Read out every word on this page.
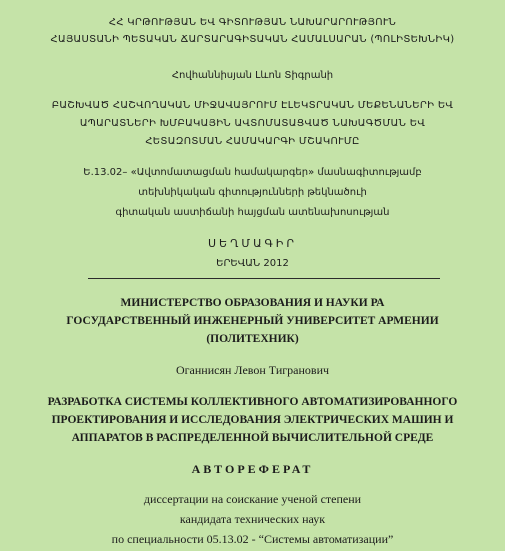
ՀՀ ԿՐԹՈՒԹՅԱՆ ԵՎ ԳԻՏՈՒԹՅԱՆ ՆԱԽԱՐԱՐՈՒԹՅՈՒՆ
ՀԱՅԱՍՏԱՆԻ ՊԵՏԱԿԱՆ ՃԱՐՏԱՐԱԳԻՏԱԿԱՆ ՀԱՄԱԼՍԱՐԱՆ (ՊՈԼԻՏԵԽՆԻԿ)
Հովհաննիսյան Լևոն Տիգրանի
ԲԱՇԽՎԱԾ ՀԱՇՎՈՂԱԿԱՆ ՄԻՋԱՎԱՅՐՈՒՄ ԷԼԵԿՏՐԱԿԱՆ ՄԵՔԵՆԱՆԵՐԻ ԵՎ
ԱՊԱՐԱՏՆԵՐԻ ԽՄԲԱԿԱՅԻՆ ԱՎՏՈՄԱՏԱՑՎԱԾ ՆԱԽԱԳԾՄԱՆ ԵՎ
ՀԵՏԱԶՈՏՄԱՆ ՀԱՄԱԿԱՐԳԻ ՄՇԱԿՈՒՄԸ
Ե.13.02– «Ավտոմատացման համակարգեր» մասնագիտությամբ
տեխնիկական գիտությունների թեկնածուի
գիտական աստիճանի հայցման ատենախոսության
ՍԵՂՄԱԳԻՐ
ԵՐԵՎԱՆ 2012
МИНИСТЕРСТВО ОБРАЗОВАНИЯ И НАУКИ РА
ГОСУДАРСТВЕННЫЙ ИНЖЕНЕРНЫЙ УНИВЕРСИТЕТ АРМЕНИИ
(ПОЛИТЕХНИК)
Оганнисян Левон Тигранович
РАЗРАБОТКА СИСТЕМЫ КОЛЛЕКТИВНОГО АВТОМАТИЗИРОВАННОГО
ПРОЕКТИРОВАНИЯ И ИССЛЕДОВАНИЯ ЭЛЕКТРИЧЕСКИХ МАШИН И
АППАРАТОВ В РАСПРЕДЕЛЕННОЙ ВЫЧИСЛИТЕЛЬНОЙ СРЕДЕ
АВТОРЕФЕРАТ
диссертации на соискание ученой степени
кандидата технических наук
по специальности 05.13.02 - “Системы автоматизации”
